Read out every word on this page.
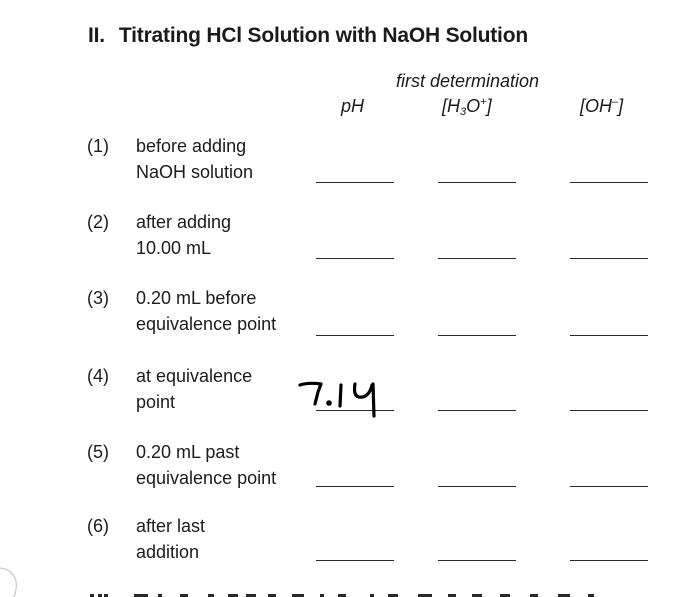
II. Titrating HCl Solution with NaOH Solution
first determination
pH	$[H_3O^+]$	[OH–]
(1) before adding
NaOH solution
(2) after adding
10.00 mL
(3) 0.20 mL before
equivalence point
(4) at equivalence
point
(5) 0.20 mL past
equivalence point
(6) after last
addition
